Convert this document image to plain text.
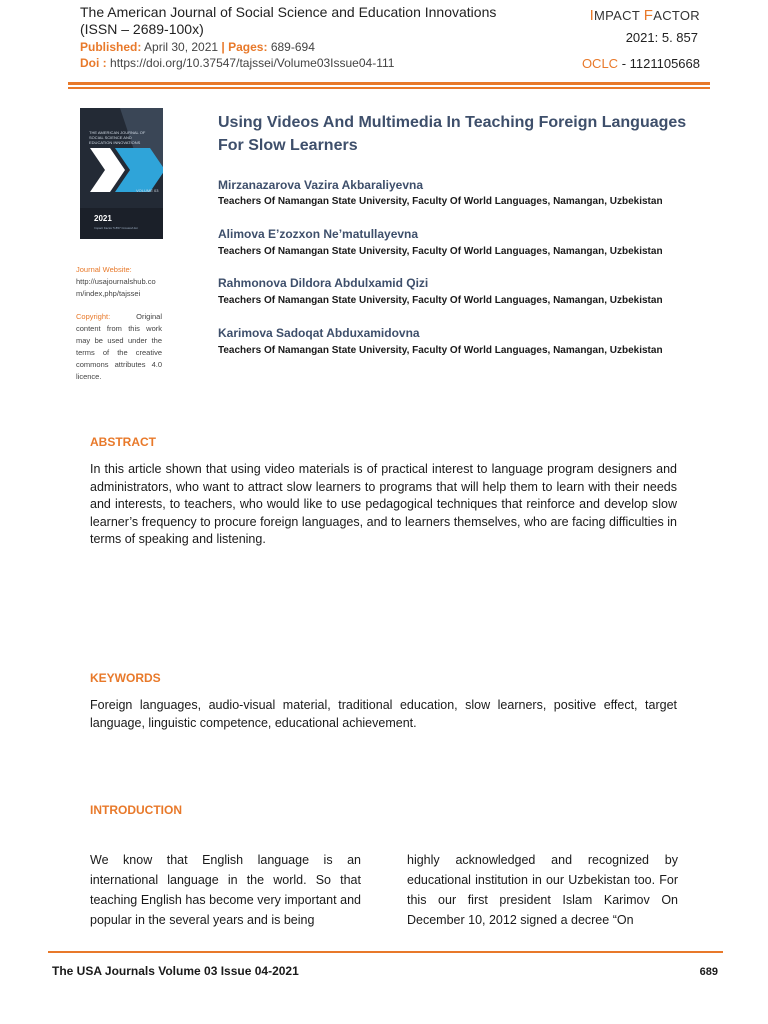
The American Journal of Social Science and Education Innovations
(ISSN – 2689-100x)
Published: April 30, 2021 | Pages: 689-694
Doi : https://doi.org/10.37547/tajssei/Volume03Issue04-111
IMPACT FACTOR
2021: 5. 857
OCLC - 1121105668
THE AMERICAN JOURNAL OF SOCIAL SCIENCE AND EDUCATION INNOVATIONS
VOLUME 03
2021
Impact Factor 5.857 Crossref doi
Journal Website:
http://usajournalshub.com/index,php/tajssei
Copyright:	Original content from this work may be used under the terms of the creative commons attributes 4.0 licence.
Using Videos And Multimedia In Teaching Foreign Languages For Slow Learners
Mirzanazarova Vazira Akbaraliyevna
Teachers Of Namangan State University, Faculty Of World Languages, Namangan, Uzbekistan
Alimova E’zozxon Ne’matullayevna
Teachers Of Namangan State University, Faculty Of World Languages, Namangan, Uzbekistan
Rahmonova Dildora Abdulxamid Qizi
Teachers Of Namangan State University, Faculty Of World Languages, Namangan, Uzbekistan
Karimova Sadoqat Abduxamidovna
Teachers Of Namangan State University, Faculty Of World Languages, Namangan, Uzbekistan
ABSTRACT
In this article shown that using video materials is of practical interest to language program designers and administrators, who want to attract slow learners to programs that will help them to learn with their needs and interests, to teachers, who would like to use pedagogical techniques that reinforce and develop slow learner’s frequency to procure foreign languages, and to learners themselves, who are facing difficulties in terms of speaking and listening.
KEYWORDS
Foreign languages, audio-visual material, traditional education, slow learners, positive effect, target language, linguistic competence, educational achievement.
INTRODUCTION
We know that English language is an international language in the world. So that teaching English has become very important and popular in the several years and is being
highly acknowledged and recognized by educational institution in our Uzbekistan too. For this our first president Islam Karimov On December 10, 2012 signed a decree “On
The USA Journals Volume 03 Issue 04-2021	689
